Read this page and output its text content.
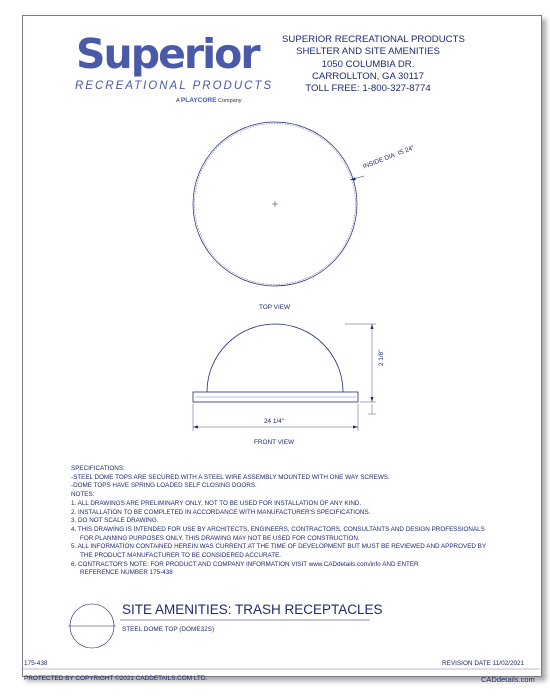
Superior
RECREATIONAL PRODUCTS
A PLAYCORE Company
SUPERIOR RECREATIONAL PRODUCTS
SHELTER AND SITE AMENITIES
1050 COLUMBIA DR.
CARROLLTON, GA 30117
TOLL FREE: 1-800-327-8774
INSIDE DIA. IS 24"
TOP VIEW
2 1/8"
24 1/4"
FRONT VIEW
SPECIFICATIONS:
-STEEL DOME TOPS ARE SECURED WITH A STEEL WIRE ASSEMBLY MOUNTED WITH ONE WAY SCREWS.
-DOME TOPS HAVE SPRING LOADED SELF CLOSING DOORS.
NOTES:
1. ALL DRAWINGS ARE PRELIMINARY ONLY, NOT TO BE USED FOR INSTALLATION OF ANY KIND.
2. INSTALLATION TO BE COMPLETED IN ACCORDANCE WITH MANUFACTURER'S SPECIFICATIONS.
3. DO NOT SCALE DRAWING.
4. THIS DRAWING IS INTENDED FOR USE BY ARCHITECTS, ENGINEERS, CONTRACTORS, CONSULTANTS AND DESIGN PROFESSIONALS
FOR PLANNING PURPOSES ONLY. THIS DRAWING MAY NOT BE USED FOR CONSTRUCTION.
5. ALL INFORMATION CONTAINED HEREIN WAS CURRENT AT THE TIME OF DEVELOPMENT BUT MUST BE REVIEWED AND APPROVED BY
THE PRODUCT MANUFACTURER TO BE CONSIDERED ACCURATE.
6. CONTRACTOR'S NOTE: FOR PRODUCT AND COMPANY INFORMATION VISIT www.CADdetails.com/info AND ENTER
REFERENCE NUMBER 175-438
SITE AMENITIES: TRASH RECEPTACLES
STEEL DOME TOP (DOME32S)
175-438	REVISION DATE 11/02/2021
PROTECTED BY COPYRIGHT ©2021 CADDETAILS.COM LTD.	CADdetails.com
